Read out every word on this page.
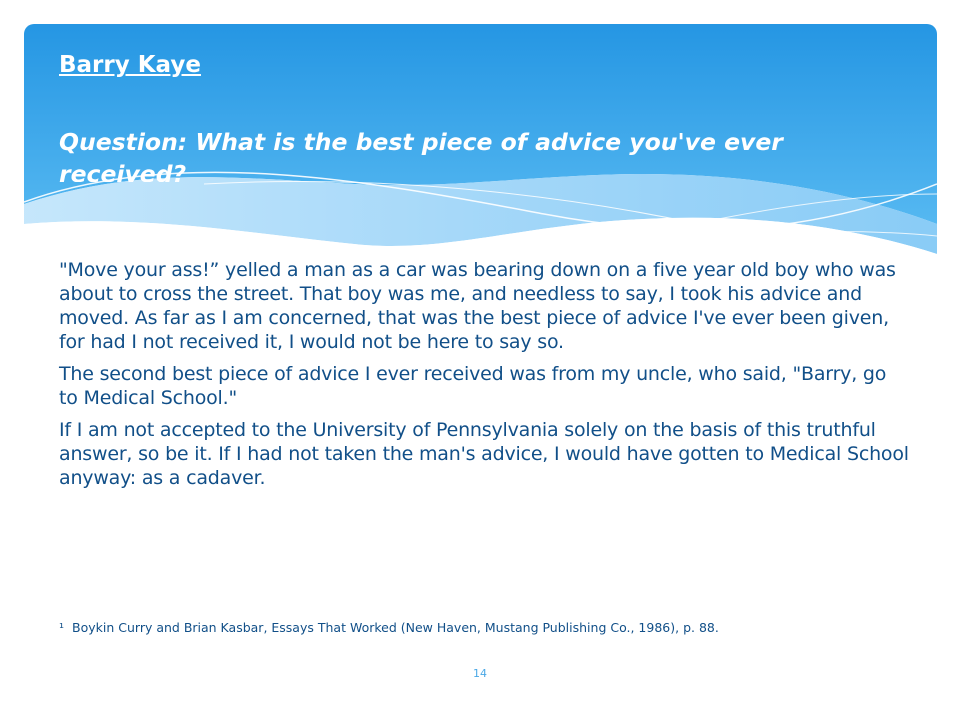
Barry Kaye
Question: What is the best piece of advice you've ever
received?

"Move your ass!” yelled a man as a car was bearing down on a five year old boy who was about to cross the street. That boy was me, and needless to say, I took his advice and moved. As far as I am concerned, that was the best piece of advice I've ever been given, for had I not received it, I would not be here to say so.

The second best piece of advice I ever received was from my uncle, who said, "Barry, go to Medical School."

If I am not accepted to the University of Pennsylvania solely on the basis of this truthful answer, so be it. If I had not taken the man's advice, I would have gotten to Medical School anyway: as a cadaver.

¹ Boykin Curry and Brian Kasbar, Essays That Worked (New Haven, Mustang Publishing Co., 1986), p. 88.
14
